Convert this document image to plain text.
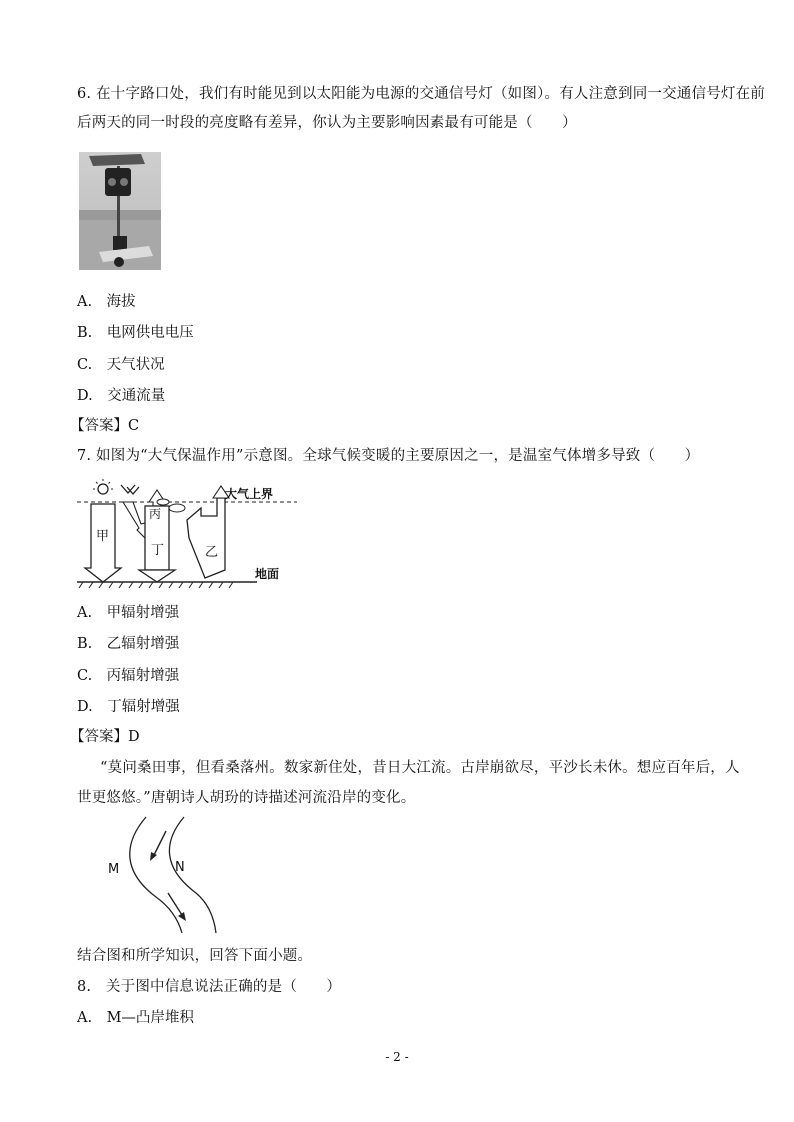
6. 在十字路口处，我们有时能见到以太阳能为电源的交通信号灯（如图）。有人注意到同一交通信号灯在前
后两天的同一时段的亮度略有差异，你认为主要影响因素最有可能是（　　）
A.　海拔
B.　电网供电电压
C.　天气状况
D.　交通流量
【答案】C
7. 如图为“大气保温作用”示意图。全球气候变暖的主要原因之一，是温室气体增多导致（　　）
甲
丙
丁	乙
大气上界
地面
A.　甲辐射增强
B.　乙辐射增强
C.　丙辐射增强
D.　丁辐射增强
【答案】D
“莫问桑田事，但看桑落州。数家新住处，昔日大江流。古岸崩欲尽，平沙长未休。想应百年后，人
世更悠悠。”唐朝诗人胡玢的诗描述河流沿岸的变化。
M	N
结合图和所学知识，回答下面小题。
8.　关于图中信息说法正确的是（　　）
A.　M—凸岸堆积
- 2 -
